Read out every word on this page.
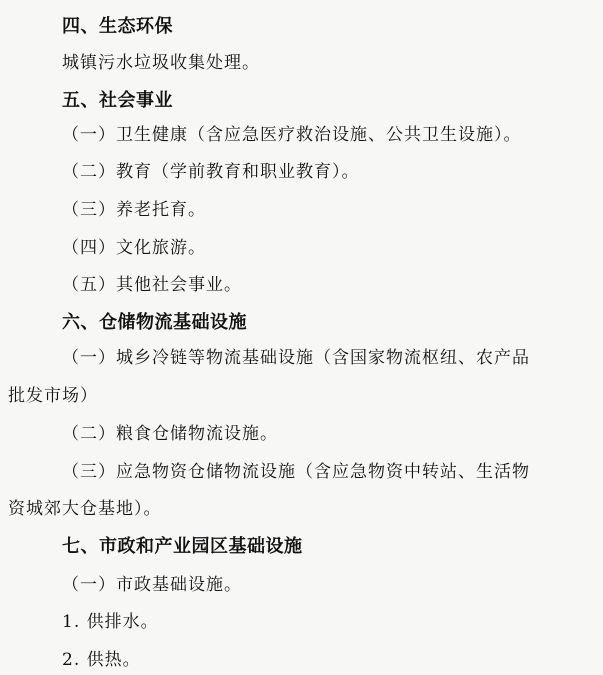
四、生态环保
城镇污水垃圾收集处理。
五、社会事业
（一）卫生健康（含应急医疗救治设施、公共卫生设施）。
（二）教育（学前教育和职业教育）。
（三）养老托育。
（四）文化旅游。
（五）其他社会事业。
六、仓储物流基础设施
（一）城乡冷链等物流基础设施（含国家物流枢纽、农产品
批发市场）
（二）粮食仓储物流设施。
（三）应急物资仓储物流设施（含应急物资中转站、生活物
资城郊大仓基地）。
七、市政和产业园区基础设施
（一）市政基础设施。
1. 供排水。
2. 供热。
